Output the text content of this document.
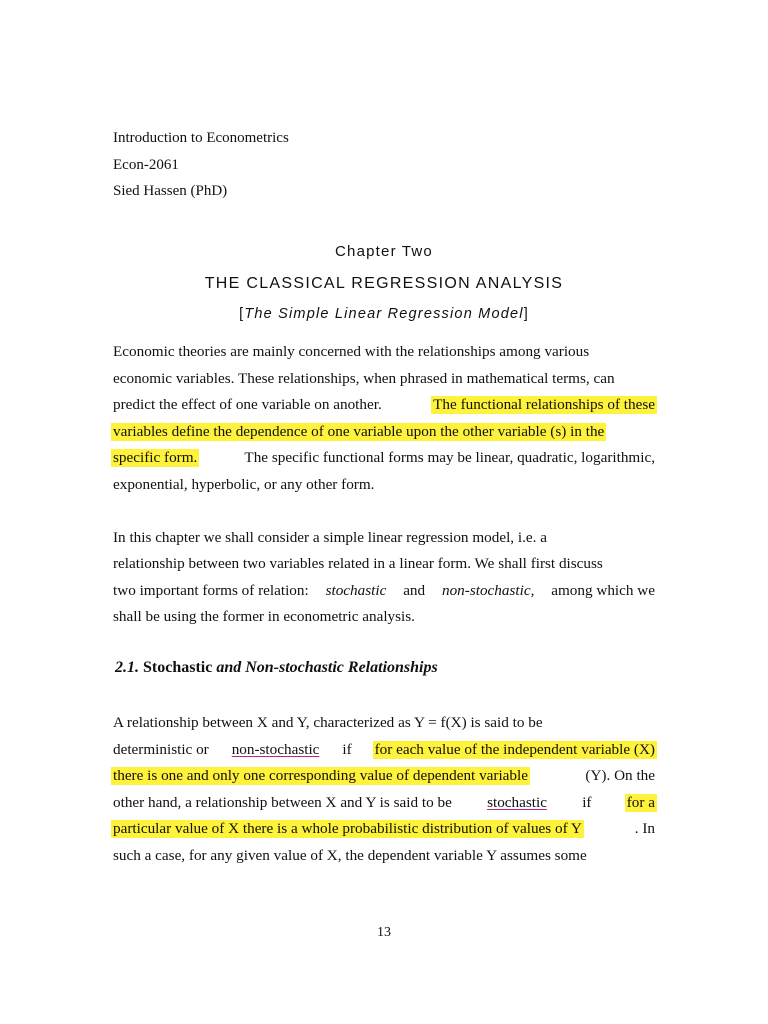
Introduction to Econometrics
Econ-2061
Sied Hassen (PhD)
Chapter Two
THE CLASSICAL REGRESSION ANALYSIS
[The Simple Linear Regression Model]
Economic theories are mainly concerned with the relationships among various
economic variables. These relationships, when phrased in mathematical terms, can
predict the effect of one variable on another.	The functional relationships of these
variables define the dependence of one variable upon the other variable (s) in the
specific form.	The specific functional forms may be linear, quadratic, logarithmic,
exponential, hyperbolic, or any other form.
In this chapter we shall consider a simple linear regression model, i.e. a
relationship between two variables related in a linear form. We shall first discuss
two important forms of relation: stochastic and non-stochastic, among which we
shall be using the former in econometric analysis.
2.1. Stochastic and Non-stochastic Relationships
A relationship between X and Y, characterized as Y = f(X) is said to be
deterministic or non-stochastic if for each value of the independent variable (X)
there is one and only one corresponding value of dependent variable	(Y). On the
other hand, a relationship between X and Y is said to be stochastic if for a
particular value of X there is a whole probabilistic distribution of values of Y	. In
such a case, for any given value of X, the dependent variable Y assumes some
13
